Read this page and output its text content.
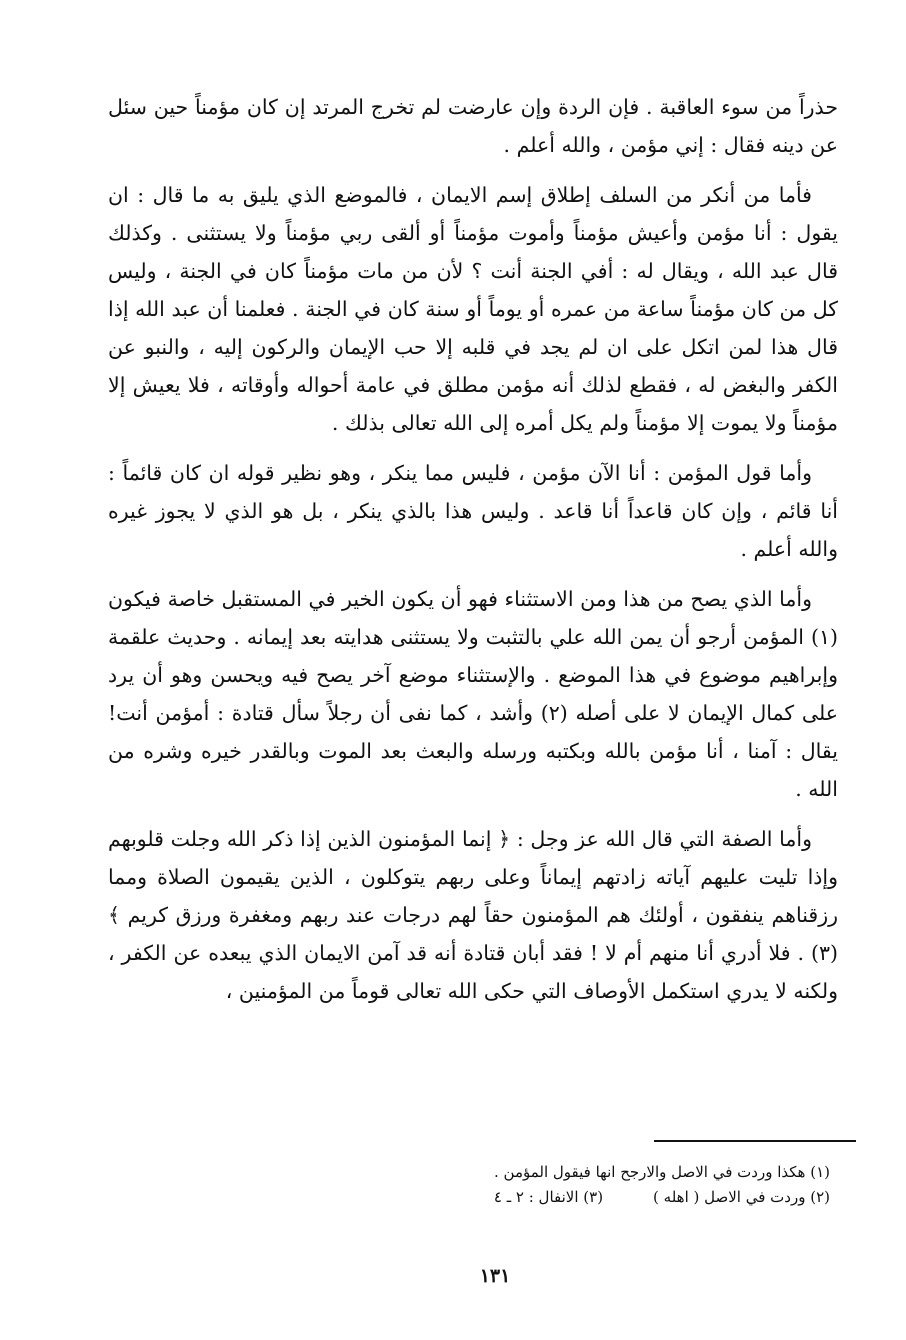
حذراً من سوء العاقبة . فإن الردة وإن عارضت لم تخرج المرتد إن كان مؤمناً حين سئل عن دينه فقال : إني مؤمن ، والله أعلم .

فأما من أنكر من السلف إطلاق إسم الايمان ، فالموضع الذي يليق به ما قال : ان يقول : أنا مؤمن وأعيش مؤمناً وأموت مؤمناً أو ألقى ربي مؤمناً ولا يستثنى . وكذلك قال عبد الله ، ويقال له : أفي الجنة أنت ؟ لأن من مات مؤمناً كان في الجنة ، وليس كل من كان مؤمناً ساعة من عمره أو يوماً أو سنة كان في الجنة . فعلمنا أن عبد الله إذا قال هذا لمن اتكل على ان لم يجد في قلبه إلا حب الإيمان والركون إليه ، والنبو عن الكفر والبغض له ، فقطع لذلك أنه مؤمن مطلق في عامة أحواله وأوقاته ، فلا يعيش إلا مؤمناً ولا يموت إلا مؤمناً ولم يكل أمره إلى الله تعالى بذلك .

وأما قول المؤمن : أنا الآن مؤمن ، فليس مما ينكر ، وهو نظير قوله ان كان قائماً : أنا قائم ، وإن كان قاعداً أنا قاعد . وليس هذا بالذي ينكر ، بل هو الذي لا يجوز غيره والله أعلم .

وأما الذي يصح من هذا ومن الاستثناء فهو أن يكون الخير في المستقبل خاصة فيكون (١) المؤمن أرجو أن يمن الله علي بالتثبت ولا يستثنى هدايته بعد إيمانه . وحديث علقمة وإبراهيم موضوع في هذا الموضع . والإستثناء موضع آخر يصح فيه ويحسن وهو أن يرد على كمال الإيمان لا على أصله (٢) وأشد ، كما نفى أن رجلاً سأل قتادة : أمؤمن أنت! يقال : آمنا ، أنا مؤمن بالله وبكتبه ورسله والبعث بعد الموت وبالقدر خيره وشره من الله .

وأما الصفة التي قال الله عز وجل : ﴿ إنما المؤمنون الذين إذا ذكر الله وجلت قلوبهم وإذا تليت عليهم آياته زادتهم إيماناً وعلى ربهم يتوكلون ، الذين يقيمون الصلاة ومما رزقناهم ينفقون ، أولئك هم المؤمنون حقاً لهم درجات عند ربهم ومغفرة ورزق كريم ﴾ (٣) . فلا أدري أنا منهم أم لا ! فقد أبان قتادة أنه قد آمن الايمان الذي يبعده عن الكفر ، ولكنه لا يدري استكمل الأوصاف التي حكى الله تعالى قوماً من المؤمنين ،

(١) هكذا وردت في الاصل والارجح انها فيقول المؤمن .

(٢) وردت في الاصل ( اهله )(٣) الانفال : ٢ ـ ٤

١٣١
